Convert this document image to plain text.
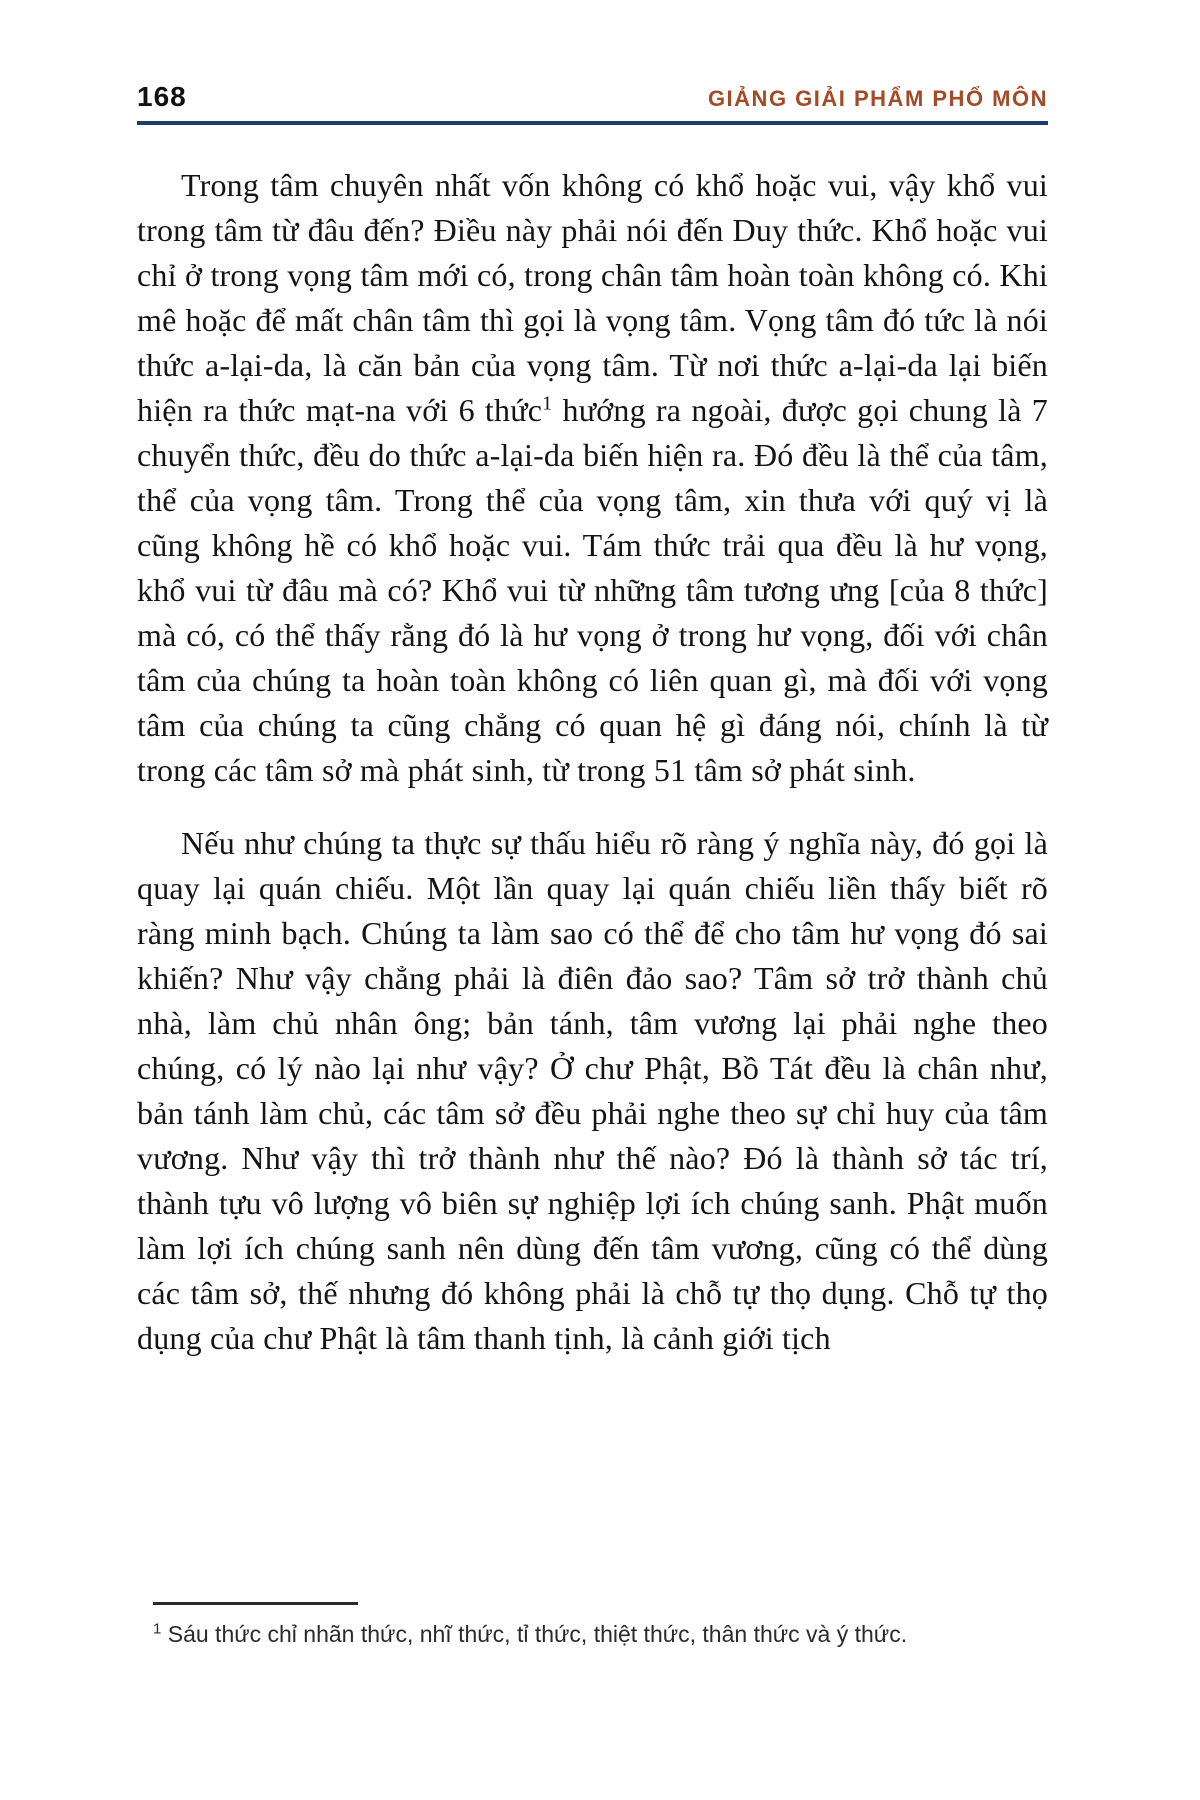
168	GIẢNG GIẢI PHẨM PHỔ MÔN

Trong tâm chuyên nhất vốn không có khổ hoặc vui, vậy khổ vui trong tâm từ đâu đến? Điều này phải nói đến Duy thức. Khổ hoặc vui chỉ ở trong vọng tâm mới có, trong chân tâm hoàn toàn không có. Khi mê hoặc để mất chân tâm thì gọi là vọng tâm. Vọng tâm đó tức là nói thức a-lại-da, là căn bản của vọng tâm. Từ nơi thức a-lại-da lại biến hiện ra thức mạt-na với 6 thức$^1$ hướng ra ngoài, được gọi chung là 7 chuyển thức, đều do thức a-lại-da biến hiện ra. Đó đều là thể của tâm, thể của vọng tâm. Trong thể của vọng tâm, xin thưa với quý vị là cũng không hề có khổ hoặc vui. Tám thức trải qua đều là hư vọng, khổ vui từ đâu mà có? Khổ vui từ những tâm tương ưng [của 8 thức] mà có, có thể thấy rằng đó là hư vọng ở trong hư vọng, đối với chân tâm của chúng ta hoàn toàn không có liên quan gì, mà đối với vọng tâm của chúng ta cũng chẳng có quan hệ gì đáng nói, chính là từ trong các tâm sở mà phát sinh, từ trong 51 tâm sở phát sinh.

Nếu như chúng ta thực sự thấu hiểu rõ ràng ý nghĩa này, đó gọi là quay lại quán chiếu. Một lần quay lại quán chiếu liền thấy biết rõ ràng minh bạch. Chúng ta làm sao có thể để cho tâm hư vọng đó sai khiến? Như vậy chẳng phải là điên đảo sao? Tâm sở trở thành chủ nhà, làm chủ nhân ông; bản tánh, tâm vương lại phải nghe theo chúng, có lý nào lại như vậy? Ở chư Phật, Bồ Tát đều là chân như, bản tánh làm chủ, các tâm sở đều phải nghe theo sự chỉ huy của tâm vương. Như vậy thì trở thành như thế nào? Đó là thành sở tác trí, thành tựu vô lượng vô biên sự nghiệp lợi ích chúng sanh. Phật muốn làm lợi ích chúng sanh nên dùng đến tâm vương, cũng có thể dùng các tâm sở, thế nhưng đó không phải là chỗ tự thọ dụng. Chỗ tự thọ dụng của chư Phật là tâm thanh tịnh, là cảnh giới tịch

$^1$ Sáu thức chỉ nhãn thức, nhĩ thức, tỉ thức, thiệt thức, thân thức và ý thức.
